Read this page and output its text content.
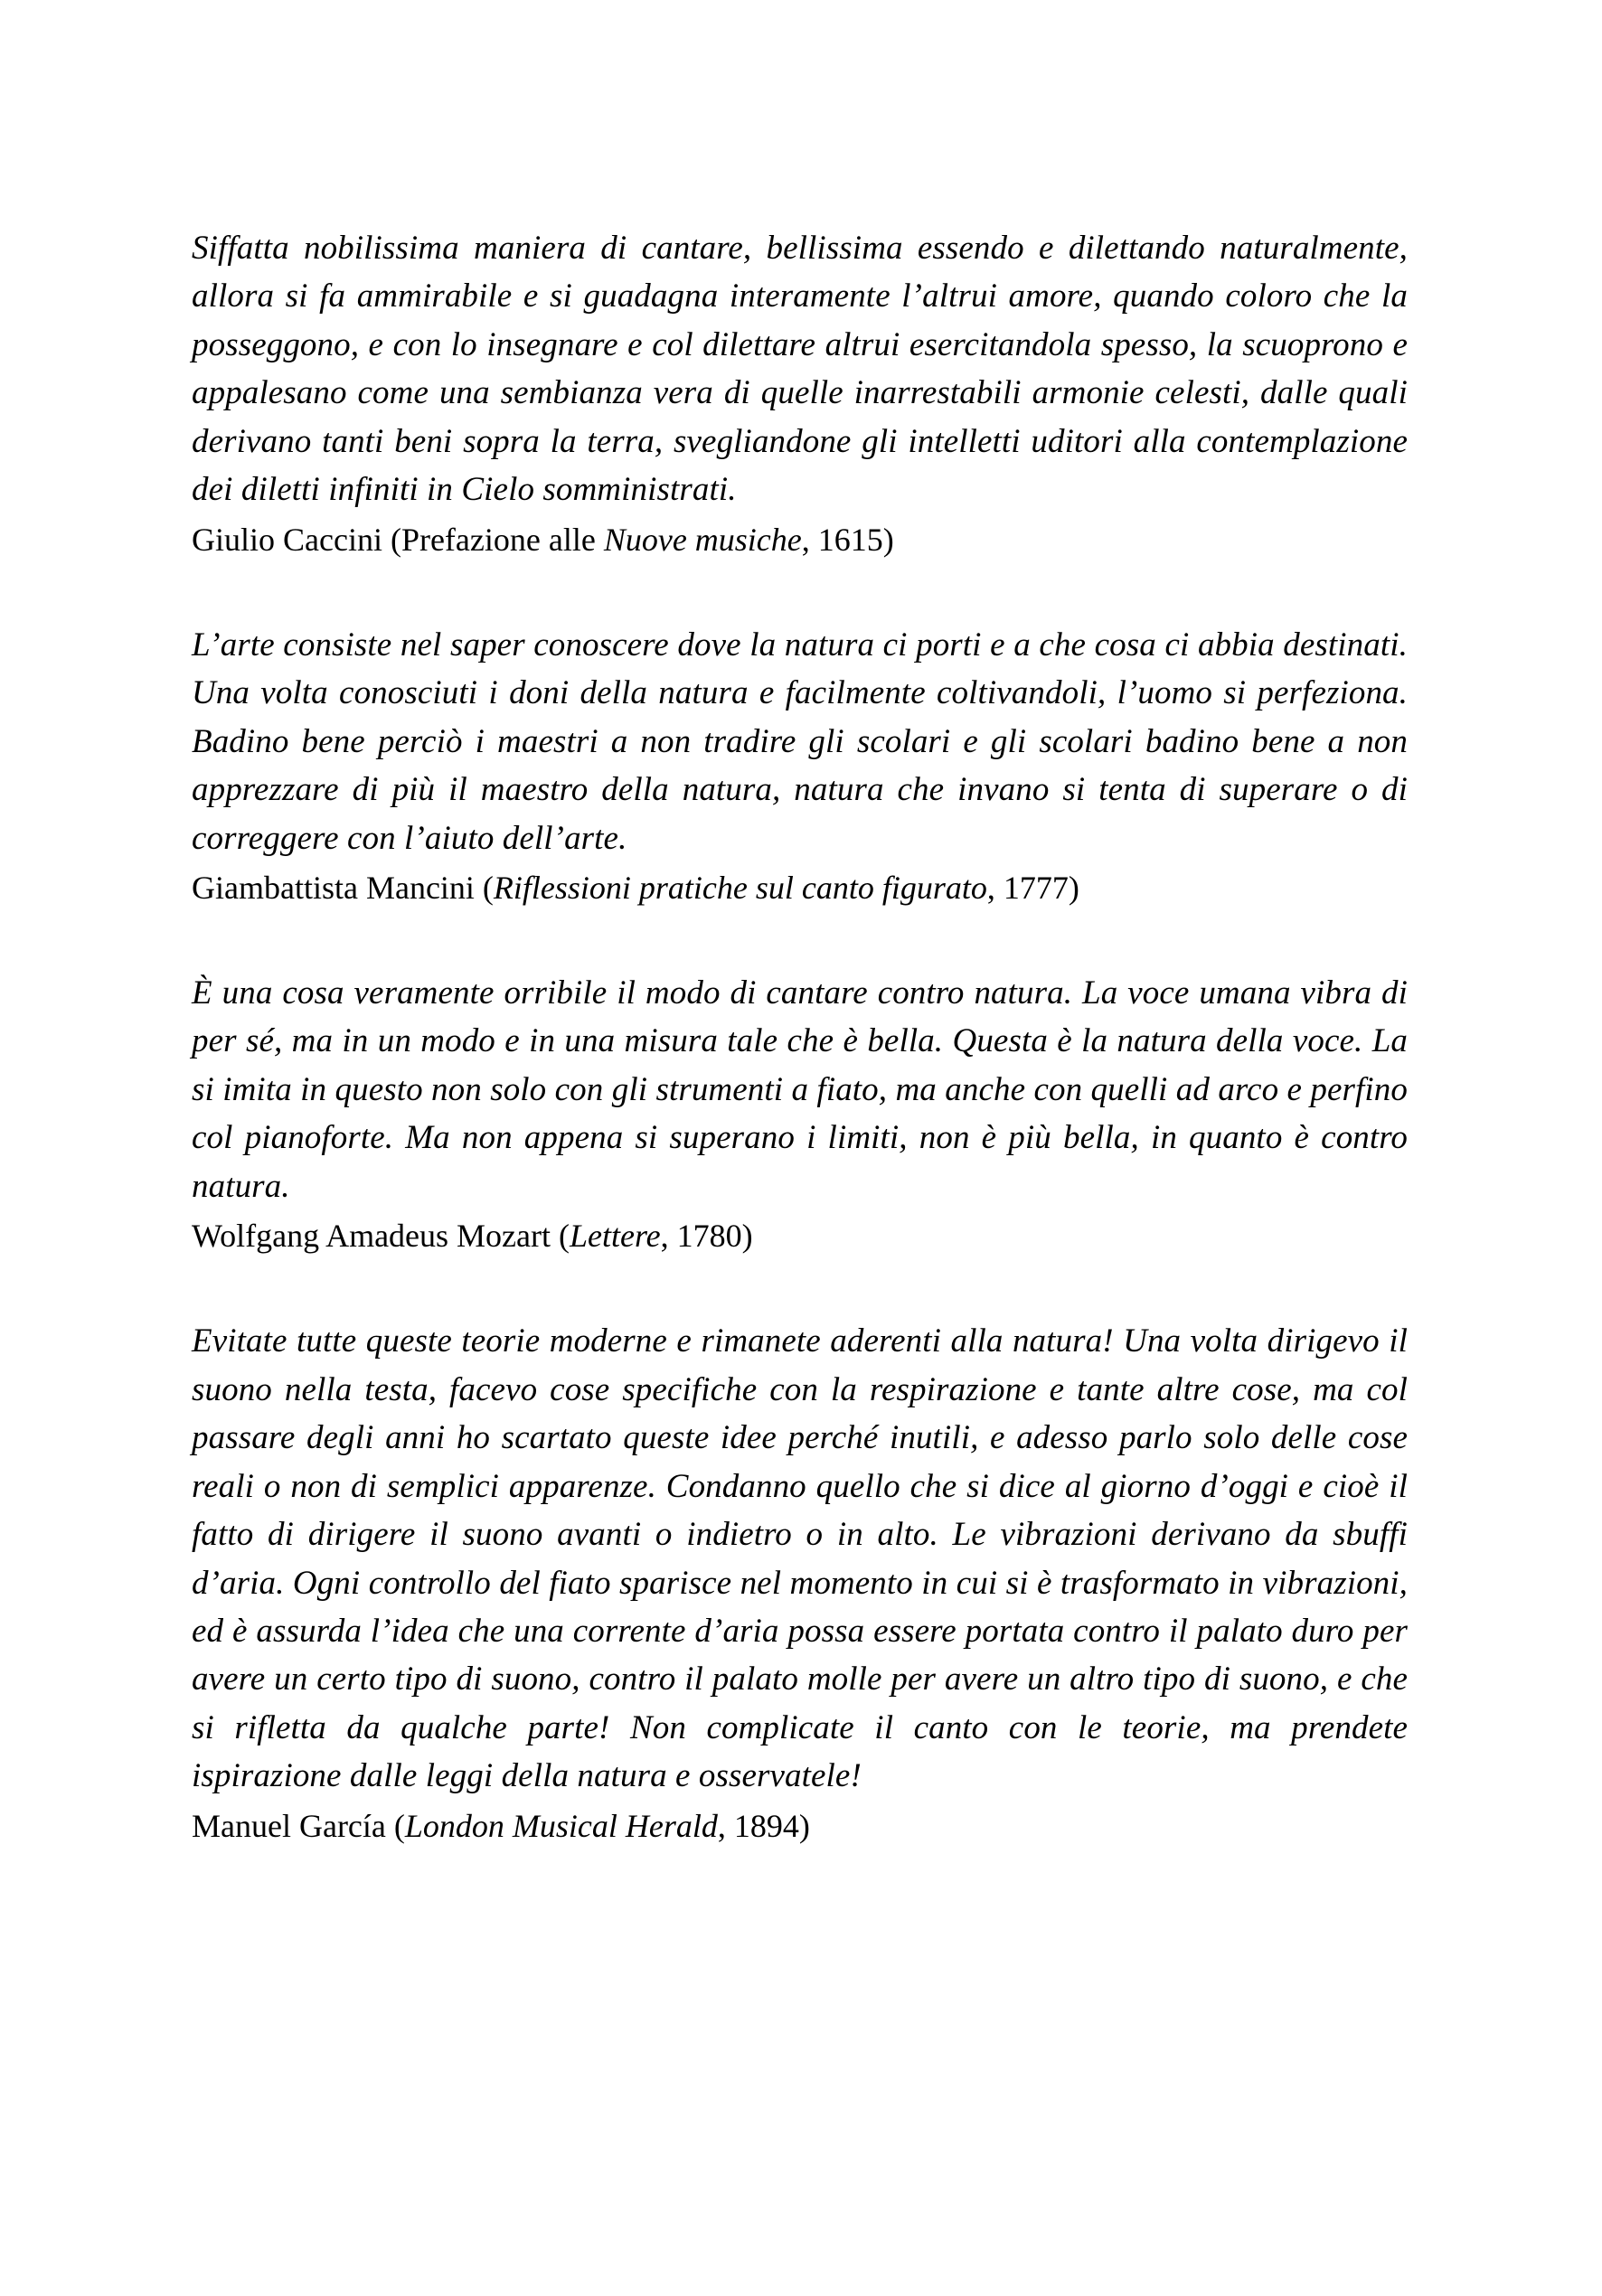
Siffatta nobilissima maniera di cantare, bellissima essendo e dilettando naturalmente, allora si fa ammirabile e si guadagna interamente l’altrui amore, quando coloro che la posseggono, e con lo insegnare e col dilettare altrui esercitandola spesso, la scuoprono e appalesano come una sembianza vera di quelle inarrestabili armonie celesti, dalle quali derivano tanti beni sopra la terra, svegliandone gli intelletti uditori alla contemplazione dei diletti infiniti in Cielo somministrati.

Giulio Caccini (Prefazione alle Nuove musiche, 1615)

L’arte consiste nel saper conoscere dove la natura ci porti e a che cosa ci abbia destinati. Una volta conosciuti i doni della natura e facilmente coltivandoli, l’uomo si perfeziona. Badino bene perciò i maestri a non tradire gli scolari e gli scolari badino bene a non apprezzare di più il maestro della natura, natura che invano si tenta di superare o di correggere con l’aiuto dell’arte.

Giambattista Mancini (Riflessioni pratiche sul canto figurato, 1777)

È una cosa veramente orribile il modo di cantare contro natura. La voce umana vibra di per sé, ma in un modo e in una misura tale che è bella. Questa è la natura della voce. La si imita in questo non solo con gli strumenti a fiato, ma anche con quelli ad arco e perfino col pianoforte. Ma non appena si superano i limiti, non è più bella, in quanto è contro natura.

Wolfgang Amadeus Mozart (Lettere, 1780)

Evitate tutte queste teorie moderne e rimanete aderenti alla natura! Una volta dirigevo il suono nella testa, facevo cose specifiche con la respirazione e tante altre cose, ma col passare degli anni ho scartato queste idee perché inutili, e adesso parlo solo delle cose reali o non di semplici apparenze. Condanno quello che si dice al giorno d’oggi e cioè il fatto di dirigere il suono avanti o indietro o in alto. Le vibrazioni derivano da sbuffi d’aria. Ogni controllo del fiato sparisce nel momento in cui si è trasformato in vibrazioni, ed è assurda l’idea che una corrente d’aria possa essere portata contro il palato duro per avere un certo tipo di suono, contro il palato molle per avere un altro tipo di suono, e che si rifletta da qualche parte! Non complicate il canto con le teorie, ma prendete ispirazione dalle leggi della natura e osservatele!

Manuel García (London Musical Herald, 1894)
